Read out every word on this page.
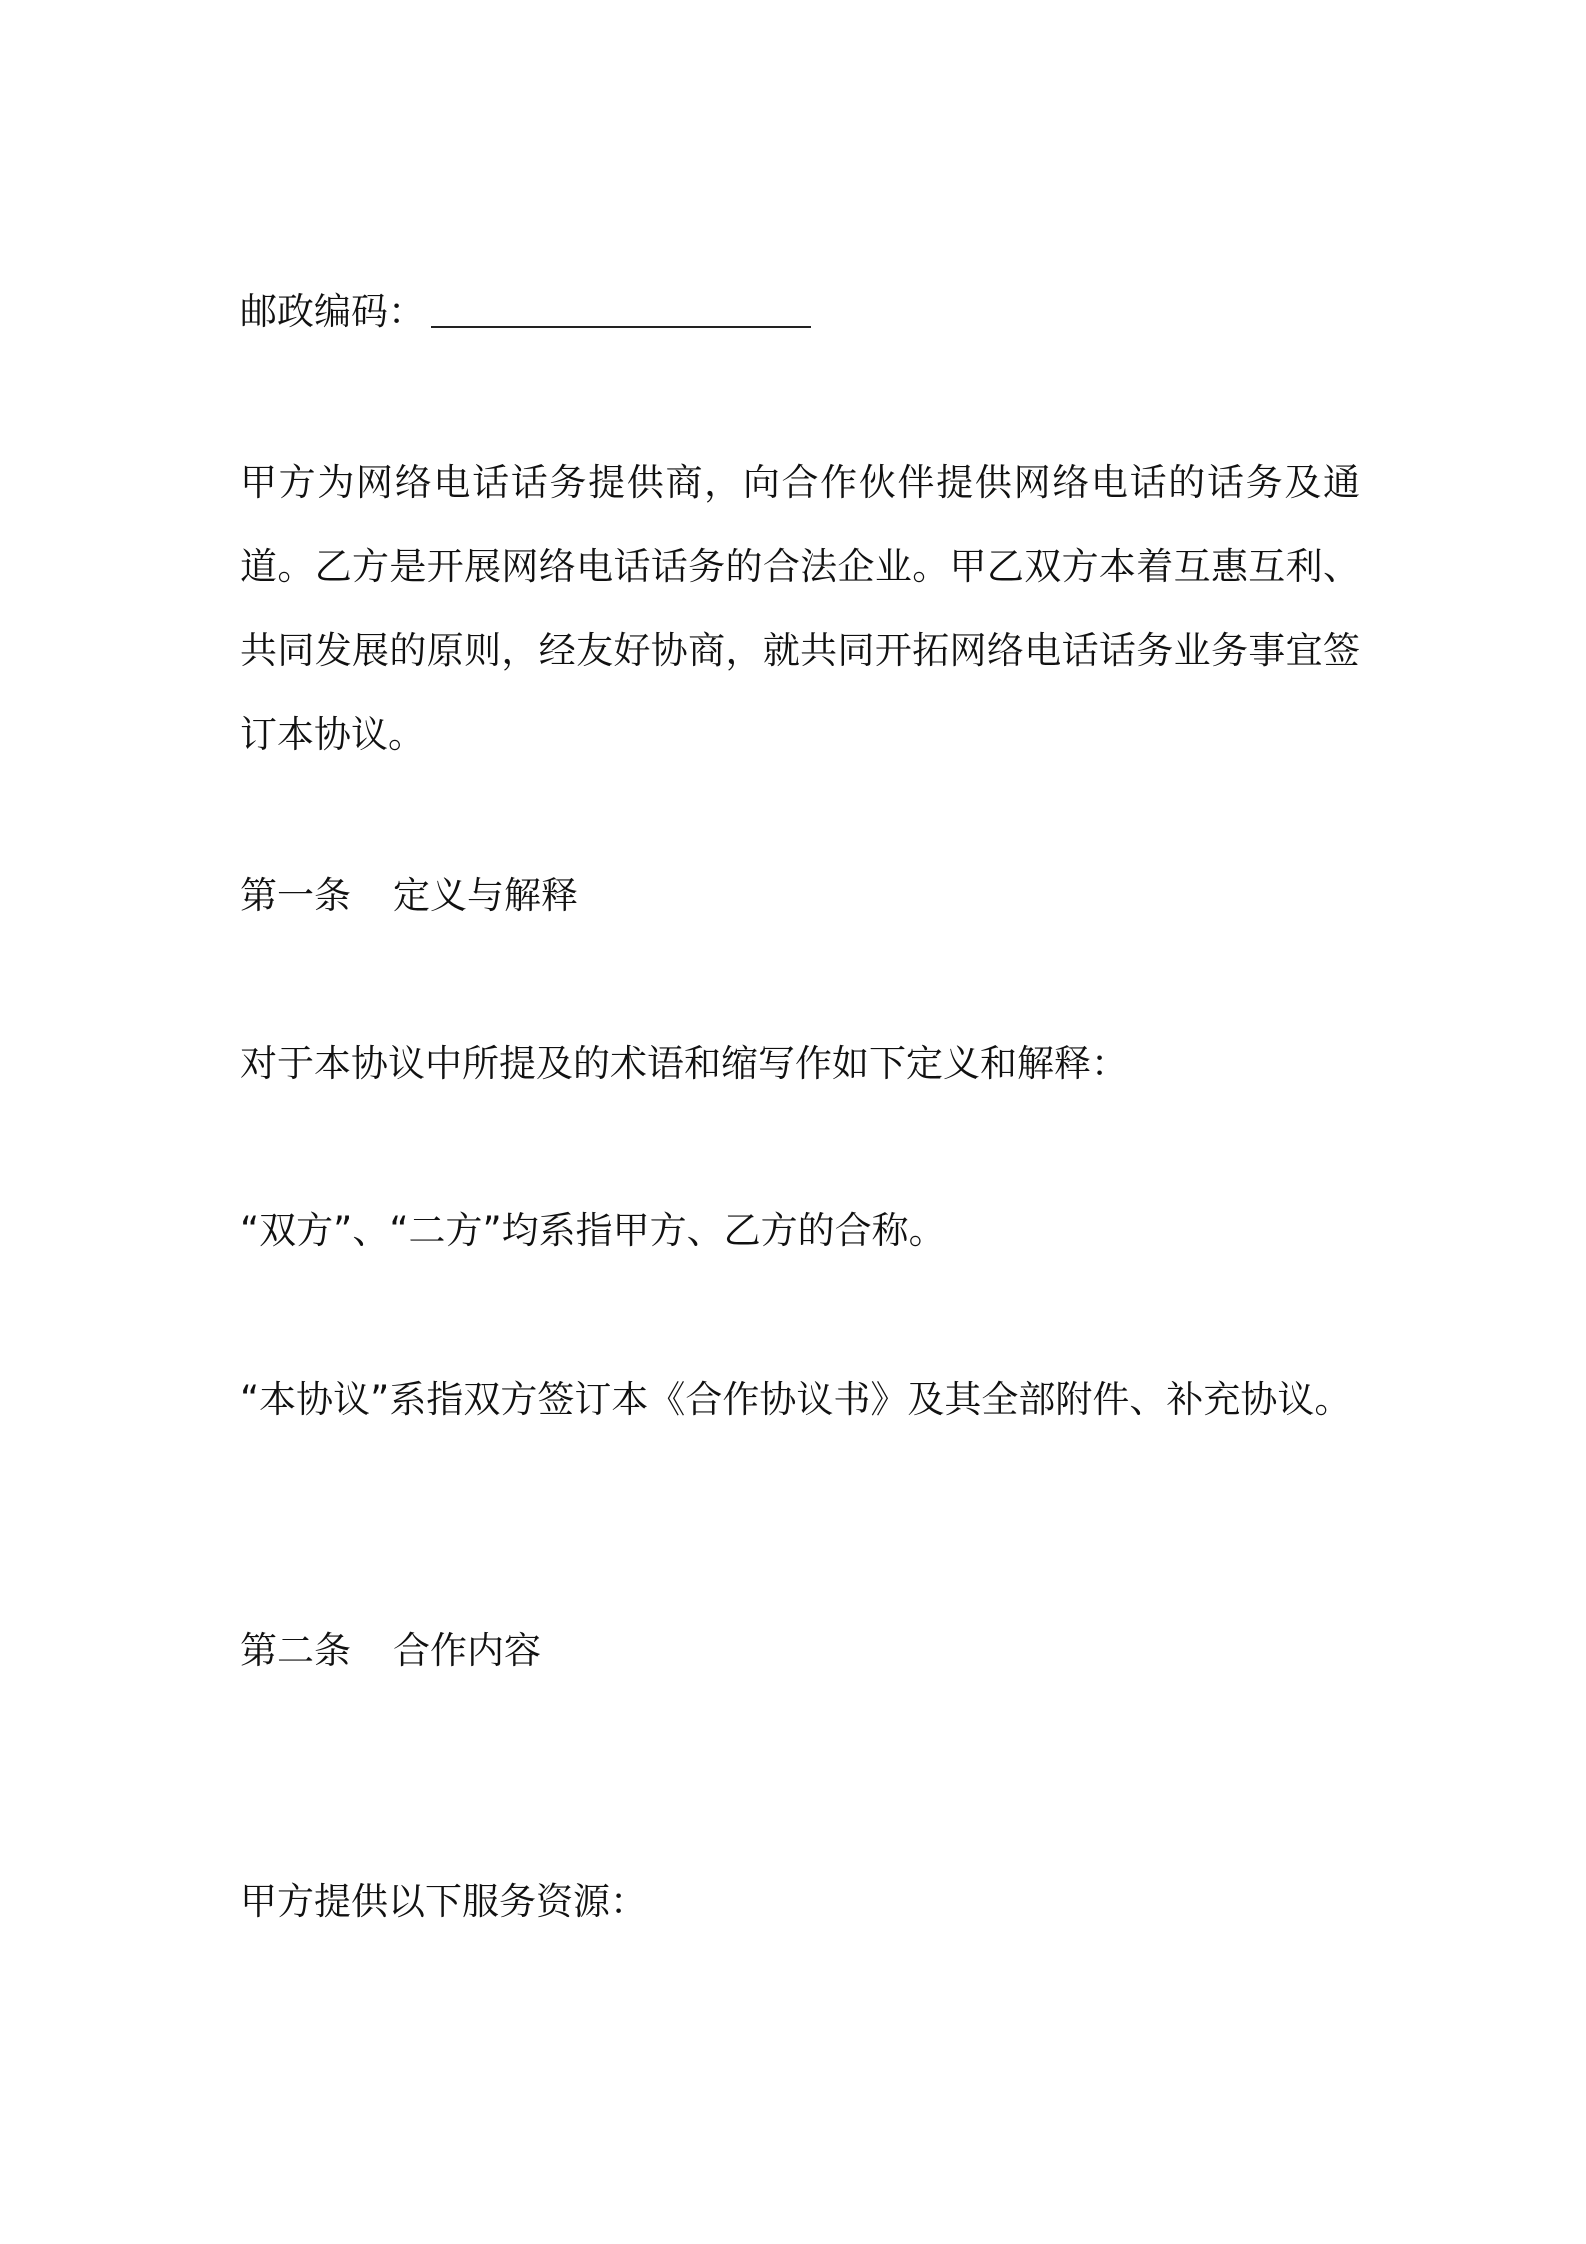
邮政编码：
甲方为网络电话话务提供商，向合作伙伴提供网络电话的话务及通道。乙方是开展网络电话话务的合法企业。甲乙双方本着互惠互利、共同发展的原则，经友好协商，就共同开拓网络电话话务业务事宜签订本协议。
第一条 定义与解释
对于本协议中所提及的术语和缩写作如下定义和解释：
“双方”、“二方”均系指甲方、乙方的合称。
“本协议”系指双方签订本《合作协议书》及其全部附件、补充协议。
第二条 合作内容
甲方提供以下服务资源：
